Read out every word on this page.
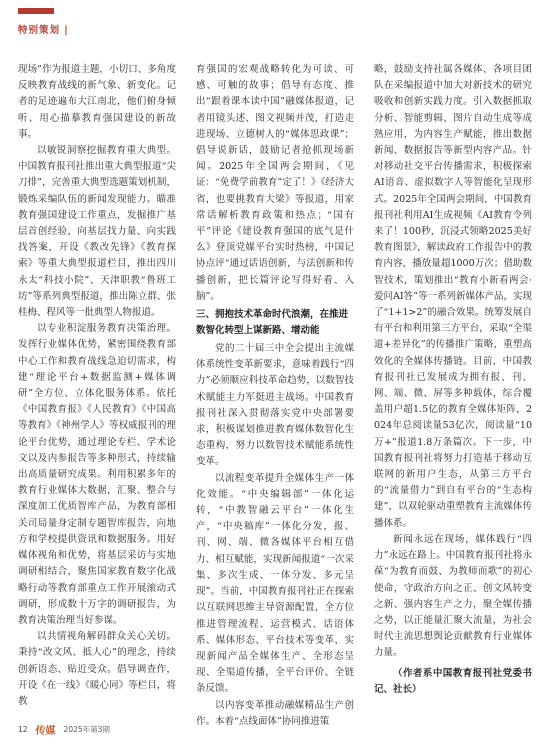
特别策划 |

现场”作为报道主题，小切口、多角度反映教育战线的新气象、新变化。记者的足迹遍布大江南北，他们俯身倾听、用心描摹教育强国建设的新故事。

以敏锐洞察挖掘教育重大典型。中国教育报刊社推出重大典型报道“尖刀排”，完善重大典型选题策划机制，锻炼采编队伍的新闻发现能力。瞄准教育强国建设工作重点，发掘推广基层首创经验，向基层找力量、向实践找答案，开设《教改先锋》《教育探索》等重大典型报道栏目，推出四川永太“科技小院”、天津职教“鲁班工坊”等系列典型报道，推出陈立群、张桂梅、程风等一批典型人物报道。

以专业积淀服务教育决策治理。发挥行业媒体优势，紧密围绕教育部中心工作和教育战线急迫切需求，构建“理论平台+数据监测+媒体调研”全方位、立体化服务体系。依托《中国教育报》《人民教育》《中国高等教育》《神州学人》等权威报刊的理论平台优势，通过理论专栏、学术论文以及内参报告等多种形式，持续输出高质量研究成果。利用积累多年的教育行业媒体大数据，汇聚、整合与深度加工优质智库产品，为教育部相关司局量身定制专题智库报告，向地方和学校提供资讯和数据服务。用好媒体视角和优势，将基层采访与实地调研相结合，聚焦国家教育数字化战略行动等教育部重点工作开展滚动式调研，形成数十万字的调研报告，为教育决策治理当好参谋。

以共情视角解码群众关心关切。秉持“改文风、抵人心”的理念，持续创新语态、贴近受众。倡导调查作，开设《在一线》《暖心同》等栏目，将教

育强国的宏观战略转化为可读、可感、可触的故事；倡导有态度、推出“跟着课本读中国”融媒体报道，记者用镜头述、图文视频并茂，打造走进现场、立德树人的“媒体思政课”；倡导说新话，鼓励记者抢抓现场新闻。2025年全国两会期间，《见证：“免费学前教育”定了！》《经济大省，也要挑教育大梁》等报道，用家常话解析教育政策和热点；“国有平”评论《建设教育强国的底气是什么》登顶党媒平台实时热榜，中国记协点评“通过话语创新，与法创新和传播创新，把长篇评论写得好看、入脑”。

三、拥抱技术革命时代浪潮，在推进数智化转型上谋新路、增动能

党的二十届三中全会提出主流媒体系统性变革新要求，意味着践行“四力”必须顺应科技革命趋势，以数智技术赋能主力军挺进主战场。中国教育报刊社深入贯彻落实党中央部署要求，积极谋划推进教育媒体数智化生态重构，努力以数智技术赋能系统性变革。

以流程变革提升全媒体生产一体化效能。“中央编辑部”一体化运转，“中教智融云平台”一体化生产，“中央稿库”一体化分发，报、刊、网、端、微各媒体平台相互借力、相互赋能，实现新闻报道“一次采集、多次生成、一体分发、多元呈现”。当前，中国教育报刊社正在探索以互联网思维主导资源配置，全方位推进管理流程、运营模式、话语体系、媒体形态、平台技术等变革，实现新闻产品全媒体生产、全形态呈现、全渠道传播，全平台评价、全链条反馈。

以内容变革推动融媒精品生产创作。本着“点线面体”协同推进策

略，鼓励支持社属各媒体、各项目团队在采编报道中加大对新技术的研究吸收和创新实践力度。引入数据抓取分析、智能剪辑、图片自动生成等成熟应用，为内容生产赋能，推出数据新闻、数据报告等新型内容产品。针对移动社交平台传播需求，积极探索AI语音、虚拟数字人等智能化呈现形式。2025年全国两会期间，中国教育报刊社利用AI生成视频《AI教育令列来了！100秒，沉浸式领略2025美好教育图景》，解读政府工作报告中的教育内容，播放量超1000万次；借助数智技术，策划推出“教育小新看两会·爱问AI答”等一系列新媒体产品，实现了“1+1>2”的融合效果。统筹发展自有平台和利用第三方平台，采取“全渠道+差异化”的传播推广策略，重塑高效化的全媒体传播链。目前，中国教育报刊社已发展成为拥有报、刊、网、端、微、屏等多种载体，综合覆盖用户超1.5亿的教育全媒体矩阵，2024年总阅读量53亿次，阅读量“10万+”报道1.8万条篇次。下一步，中国教育报刊社将努力打造基于移动互联网的新用户生态，从第三方平台的“流量借力”到自有平台的“生态构建”，以双轮驱动重塑教育主流媒体传播体系。

新闻永远在现场，媒体践行“四力”永远在路上。中国教育报刊社将永葆“为教育而鼓、为教师而歌”的初心使命，守政治方向之正、创文风转变之新、强内容生产之力，聚全媒传播之势，以正能量汇聚大流量，为社会时代主流思想舆论贡献教育行业媒体力量。

（作者系中国教育报刊社党委书记、社长）

12 传媒 2025年第3期
